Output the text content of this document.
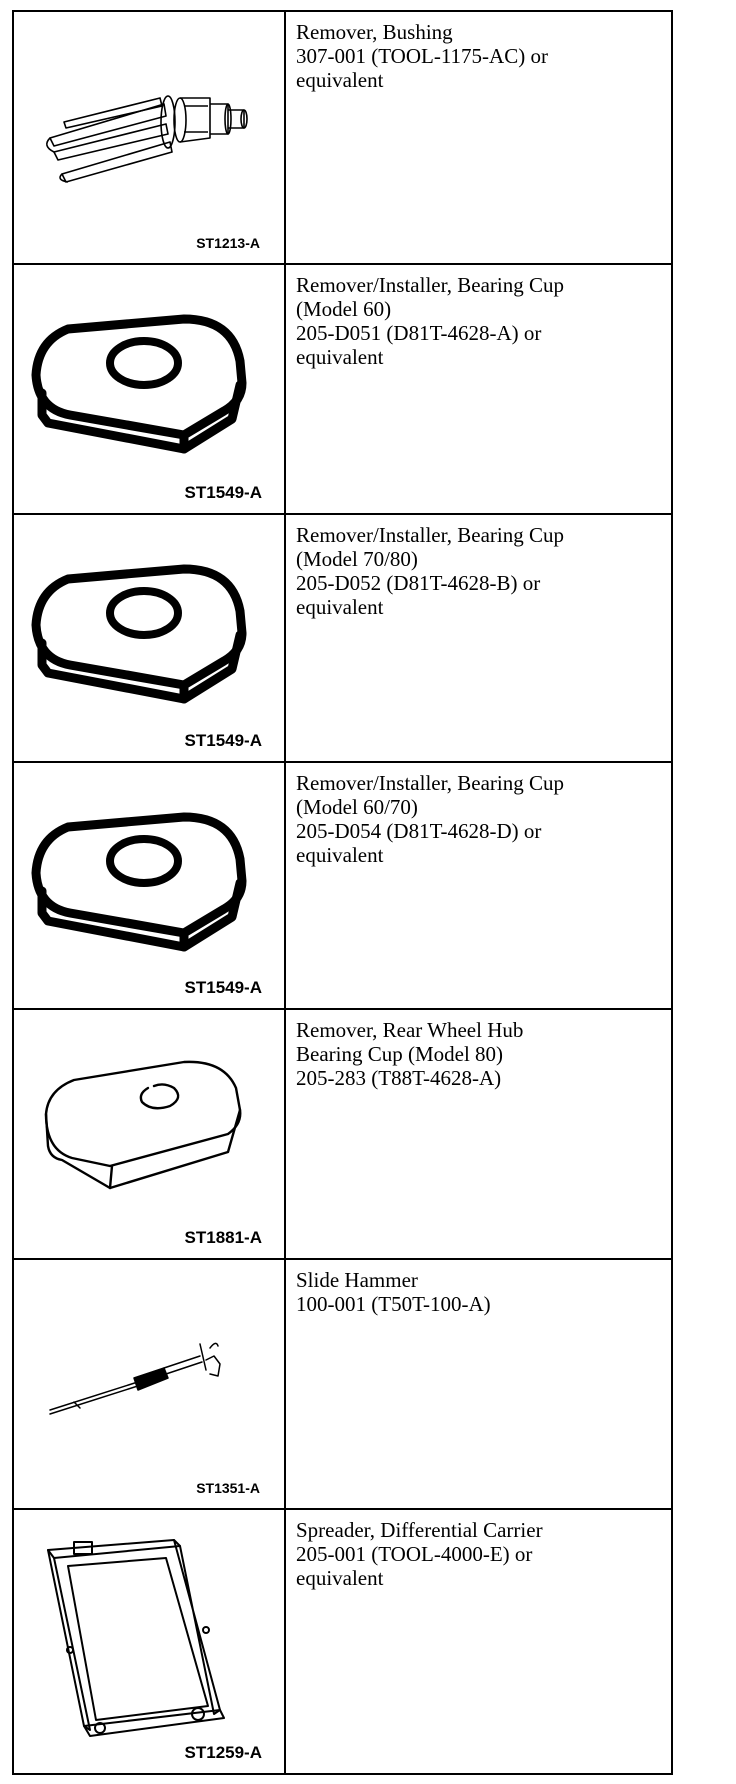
ST1213-A	Remover, Bushing
307-001 (TOOL-1175-AC) or
equivalent

ST1549-A	Remover/Installer, Bearing Cup
(Model 60)
205-D051 (D81T-4628-A) or
equivalent

ST1549-A	Remover/Installer, Bearing Cup
(Model 70/80)
205-D052 (D81T-4628-B) or
equivalent

ST1549-A	Remover/Installer, Bearing Cup
(Model 60/70)
205-D054 (D81T-4628-D) or
equivalent

ST1881-A	Remover, Rear Wheel Hub
Bearing Cup (Model 80)
205-283 (T88T-4628-A)

ST1351-A	Slide Hammer
100-001 (T50T-100-A)

ST1259-A	Spreader, Differential Carrier
205-001 (TOOL-4000-E) or
equivalent
